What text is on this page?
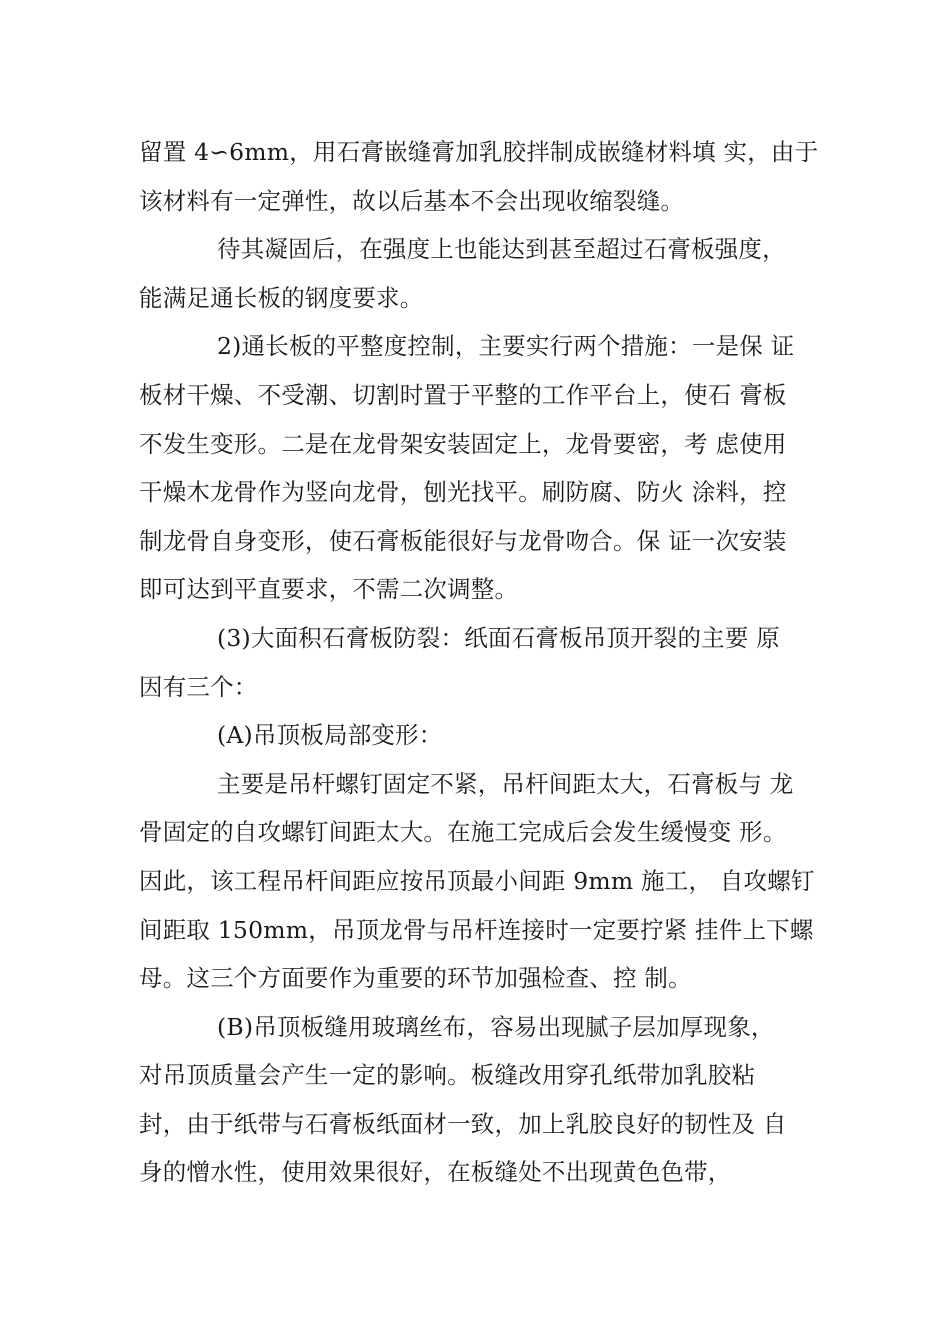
留置 4∽6mm，用石膏嵌缝膏加乳胶拌制成嵌缝材料填 实，由于
该材料有一定弹性，故以后基本不会出现收缩裂缝。
待其凝固后，在强度上也能达到甚至超过石膏板强度，
能满足通长板的钢度要求。
2)通长板的平整度控制，主要实行两个措施：一是保 证
板材干燥、不受潮、切割时置于平整的工作平台上，使石 膏板
不发生变形。二是在龙骨架安装固定上，龙骨要密，考 虑使用
干燥木龙骨作为竖向龙骨，刨光找平。刷防腐、防火 涂料，控
制龙骨自身变形，使石膏板能很好与龙骨吻合。保 证一次安装
即可达到平直要求，不需二次调整。
(3)大面积石膏板防裂：纸面石膏板吊顶开裂的主要 原
因有三个：
(A)吊顶板局部变形：
主要是吊杆螺钉固定不紧，吊杆间距太大，石膏板与 龙
骨固定的自攻螺钉间距太大。在施工完成后会发生缓慢变 形。
因此，该工程吊杆间距应按吊顶最小间距 9mm 施工， 自攻螺钉
间距取 150mm，吊顶龙骨与吊杆连接时一定要拧紧 挂件上下螺
母。这三个方面要作为重要的环节加强检查、控 制。
(B)吊顶板缝用玻璃丝布，容易出现腻子层加厚现象，
对吊顶质量会产生一定的影响。板缝改用穿孔纸带加乳胶粘
封，由于纸带与石膏板纸面材一致，加上乳胶良好的韧性及 自
身的憎水性，使用效果很好，在板缝处不出现黄色色带，
